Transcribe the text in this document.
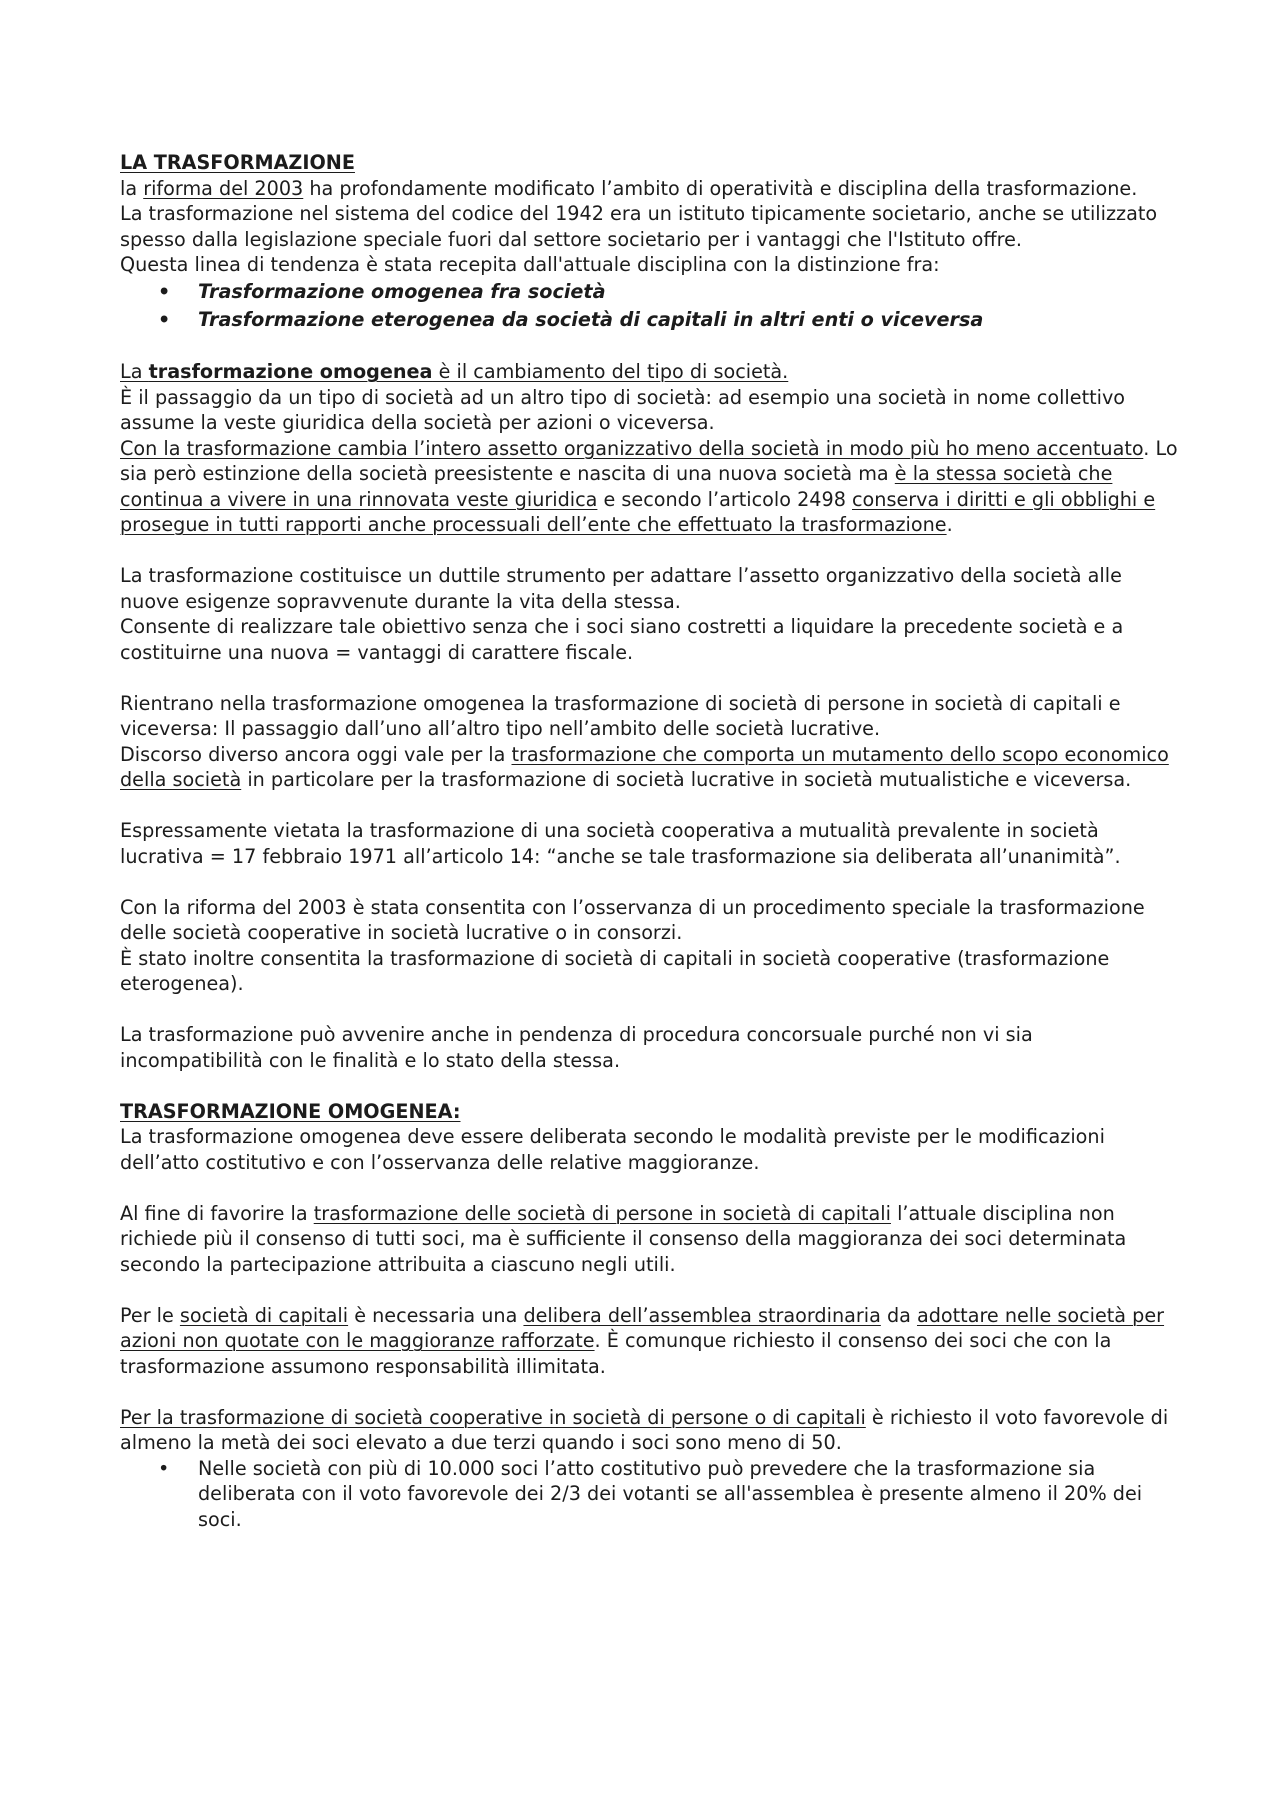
LA TRASFORMAZIONE

la riforma del 2003 ha profondamente modificato l’ambito di operatività e disciplina della trasformazione.

La trasformazione nel sistema del codice del 1942 era un istituto tipicamente societario, anche se utilizzato spesso dalla legislazione speciale fuori dal settore societario per i vantaggi che l'Istituto offre.

Questa linea di tendenza è stata recepita dall'attuale disciplina con la distinzione fra:

• Trasformazione omogenea fra società
• Trasformazione eterogenea da società di capitali in altri enti o viceversa

La trasformazione omogenea è il cambiamento del tipo di società.

È il passaggio da un tipo di società ad un altro tipo di società: ad esempio una società in nome collettivo assume la veste giuridica della società per azioni o viceversa.

Con la trasformazione cambia l’intero assetto organizzativo della società in modo più ho meno accentuato. Lo sia però estinzione della società preesistente e nascita di una nuova società ma è la stessa società che continua a vivere in una rinnovata veste giuridica e secondo l’articolo 2498 conserva i diritti e gli obblighi e prosegue in tutti rapporti anche processuali dell’ente che effettuato la trasformazione.

La trasformazione costituisce un duttile strumento per adattare l’assetto organizzativo della società alle nuove esigenze sopravvenute durante la vita della stessa.

Consente di realizzare tale obiettivo senza che i soci siano costretti a liquidare la precedente società e a costituirne una nuova = vantaggi di carattere fiscale.

Rientrano nella trasformazione omogenea la trasformazione di società di persone in società di capitali e viceversa: Il passaggio dall’uno all’altro tipo nell’ambito delle società lucrative.

Discorso diverso ancora oggi vale per la trasformazione che comporta un mutamento dello scopo economico della società in particolare per la trasformazione di società lucrative in società mutualistiche e viceversa.

Espressamente vietata la trasformazione di una società cooperativa a mutualità prevalente in società lucrativa = 17 febbraio 1971 all’articolo 14: “anche se tale trasformazione sia deliberata all’unanimità”.

Con la riforma del 2003 è stata consentita con l’osservanza di un procedimento speciale la trasformazione delle società cooperative in società lucrative o in consorzi.

È stato inoltre consentita la trasformazione di società di capitali in società cooperative (trasformazione eterogenea).

La trasformazione può avvenire anche in pendenza di procedura concorsuale purché non vi sia incompatibilità con le finalità e lo stato della stessa.

TRASFORMAZIONE OMOGENEA:

La trasformazione omogenea deve essere deliberata secondo le modalità previste per le modificazioni dell’atto costitutivo e con l’osservanza delle relative maggioranze.

Al fine di favorire la trasformazione delle società di persone in società di capitali l’attuale disciplina non richiede più il consenso di tutti soci, ma è sufficiente il consenso della maggioranza dei soci determinata secondo la partecipazione attribuita a ciascuno negli utili.

Per le società di capitali è necessaria una delibera dell’assemblea straordinaria da adottare nelle società per azioni non quotate con le maggioranze rafforzate. È comunque richiesto il consenso dei soci che con la trasformazione assumono responsabilità illimitata.

Per la trasformazione di società cooperative in società di persone o di capitali è richiesto il voto favorevole di almeno la metà dei soci elevato a due terzi quando i soci sono meno di 50.

• Nelle società con più di 10.000 soci l’atto costitutivo può prevedere che la trasformazione sia deliberata con il voto favorevole dei 2/3 dei votanti se all'assemblea è presente almeno il 20% dei soci.
